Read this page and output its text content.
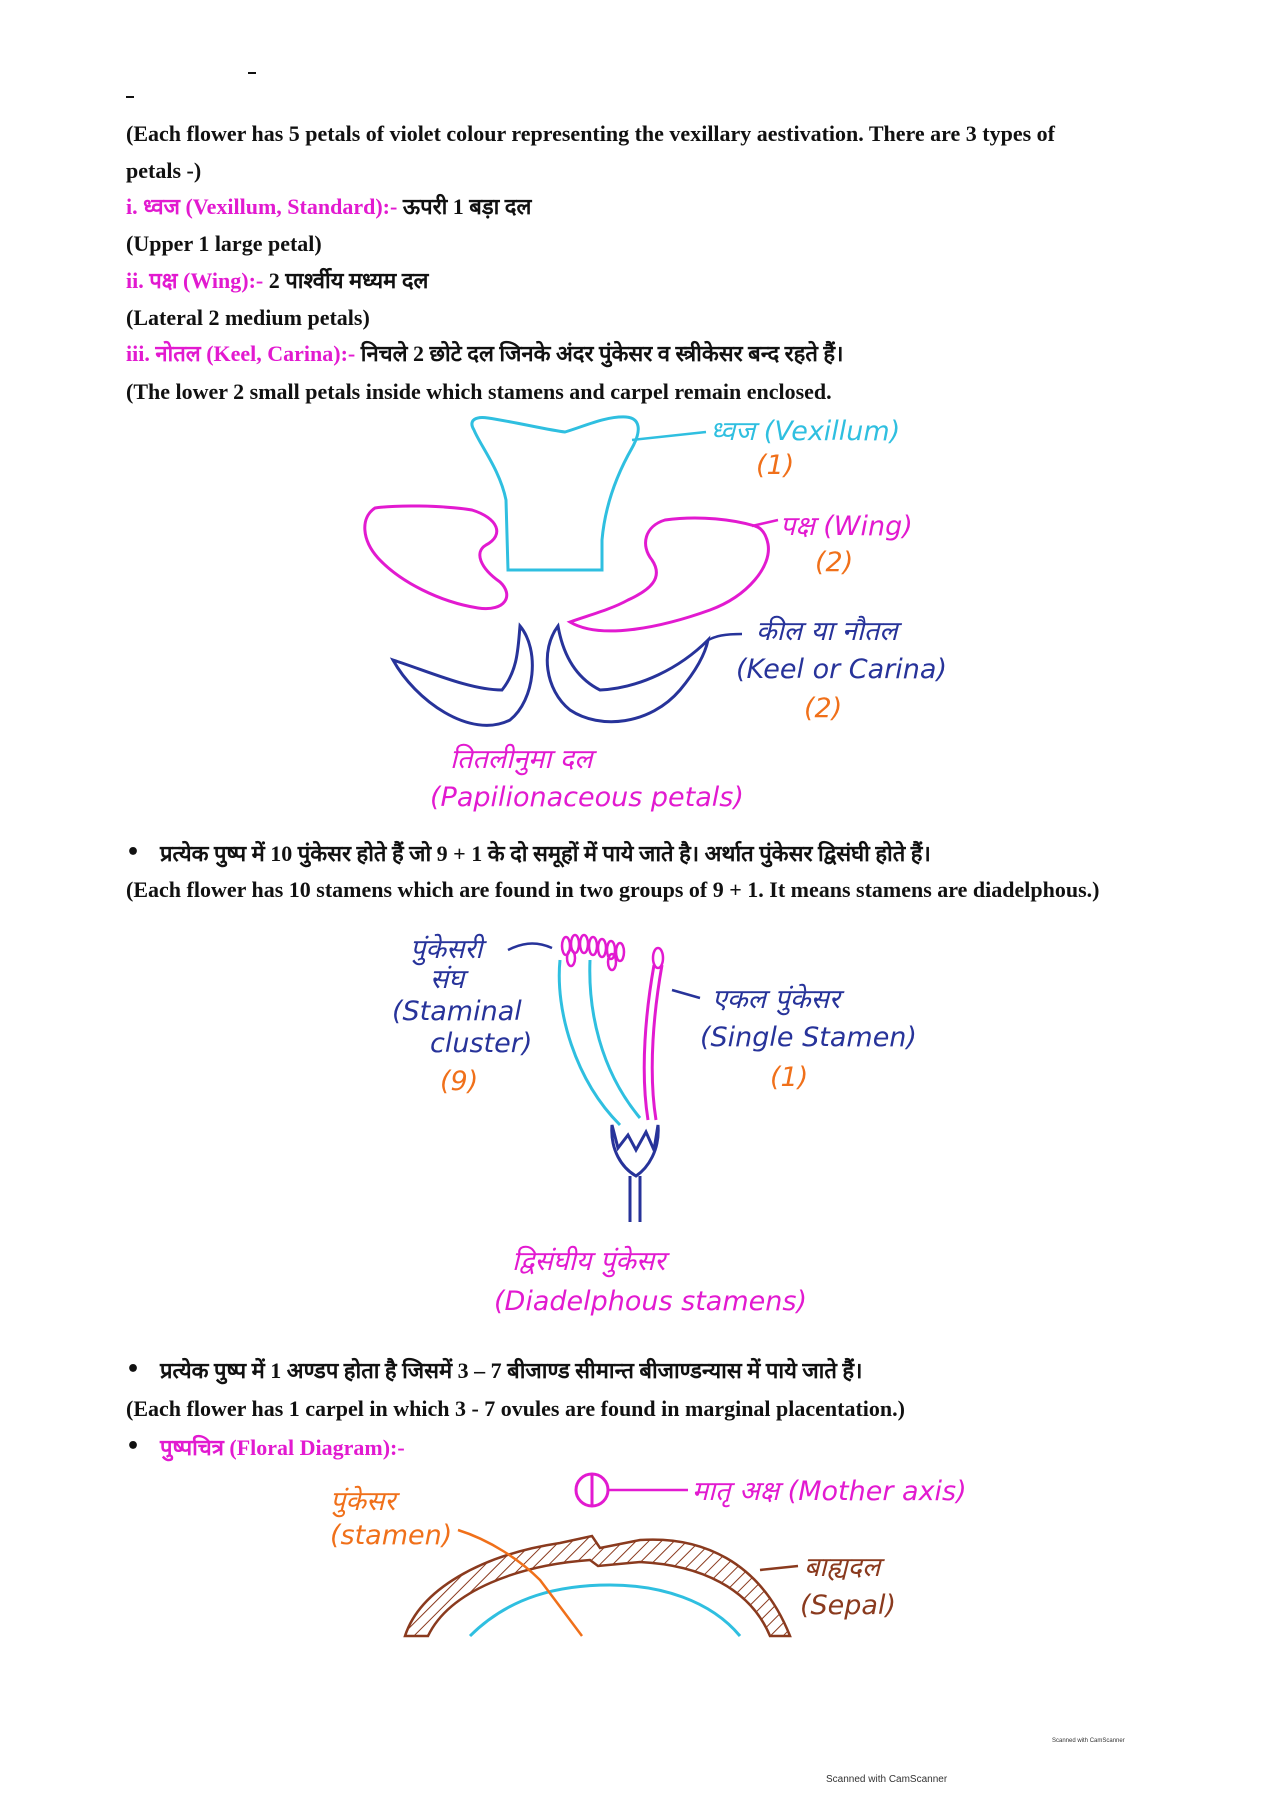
(Each flower has 5 petals of violet colour representing the vexillary aestivation. There are 3 types of

petals -)

i. ध्वज (Vexillum, Standard):- ऊपरी 1 बड़ा दल

(Upper 1 large petal)

ii. पक्ष (Wing):- 2 पार्श्वीय मध्यम दल

(Lateral 2 medium petals)

iii. नोतल (Keel, Carina):- निचले 2 छोटे दल जिनके अंदर पुंकेसर व स्त्रीकेसर बन्द रहते हैं।

(The lower 2 small petals inside which stamens and carpel remain enclosed.

ध्वज (Vexillum)
(1)
पक्ष (Wing)
(2)
कील या नौतल
(Keel or Carina)
(2)
तितलीनुमा दल
(Papilionaceous petals)
पुंकेसरी
संघ
(Staminal
cluster)
(9)
एकल पुंकेसर
(Single Stamen)
(1)
द्विसंघीय पुंकेसर
(Diadelphous stamens)
पुंकेसर
(stamen)
मातृ अक्ष (Mother axis)
बाह्यदल
(Sepal)
• प्रत्येक पुष्प में 10 पुंकेसर होते हैं जो 9 + 1 के दो समूहों में पाये जाते है। अर्थात पुंकेसर द्विसंघी होते हैं।

(Each flower has 10 stamens which are found in two groups of 9 + 1. It means stamens are diadelphous.)

• प्रत्येक पुष्प में 1 अण्डप होता है जिसमें 3 – 7 बीजाण्ड सीमान्त बीजाण्डन्यास में पाये जाते हैं।

(Each flower has 1 carpel in which 3 - 7 ovules are found in marginal placentation.)

• पुष्पचित्र (Floral Diagram):-

Scanned with CamScanner
Scanned with CamScanner
